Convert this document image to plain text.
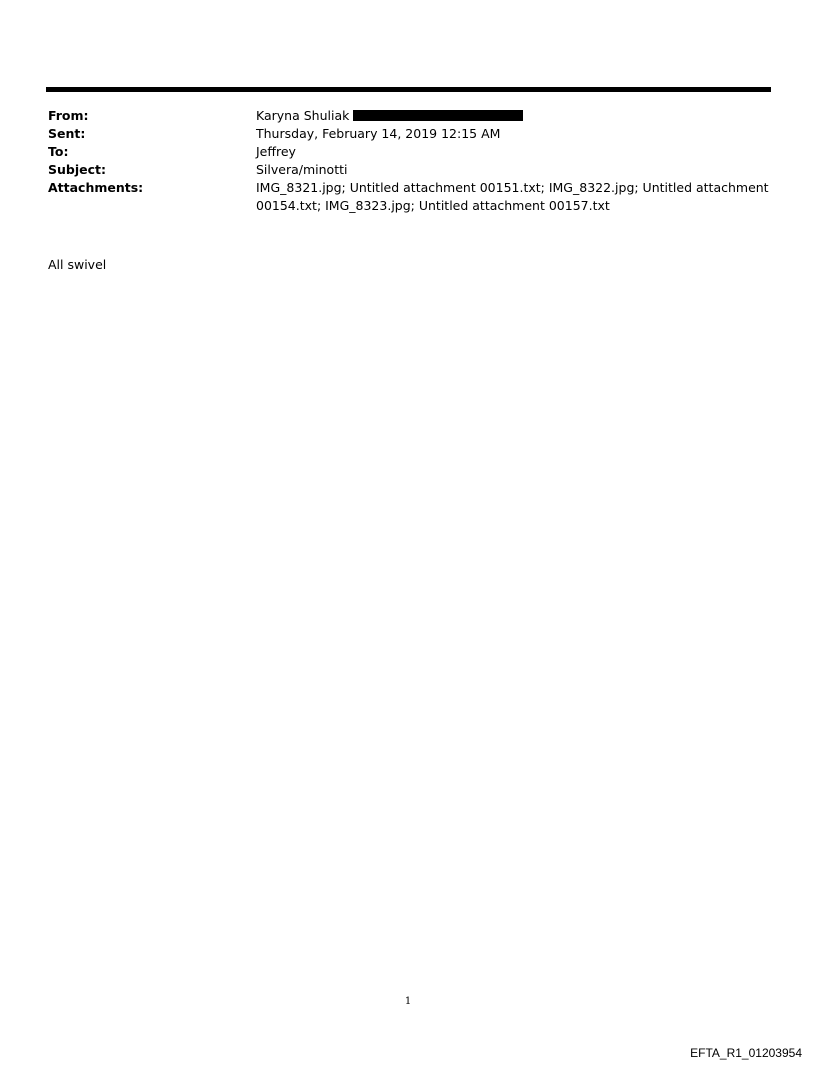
From:	Karyna Shuliak
Sent:	Thursday, February 14, 2019 12:15 AM
To:	Jeffrey
Subject:	Silvera/minotti
Attachments:	IMG_8321.jpg; Untitled attachment 00151.txt; IMG_8322.jpg; Untitled attachment 00154.txt; IMG_8323.jpg; Untitled attachment 00157.txt
All swivel
1
EFTA_R1_01203954
